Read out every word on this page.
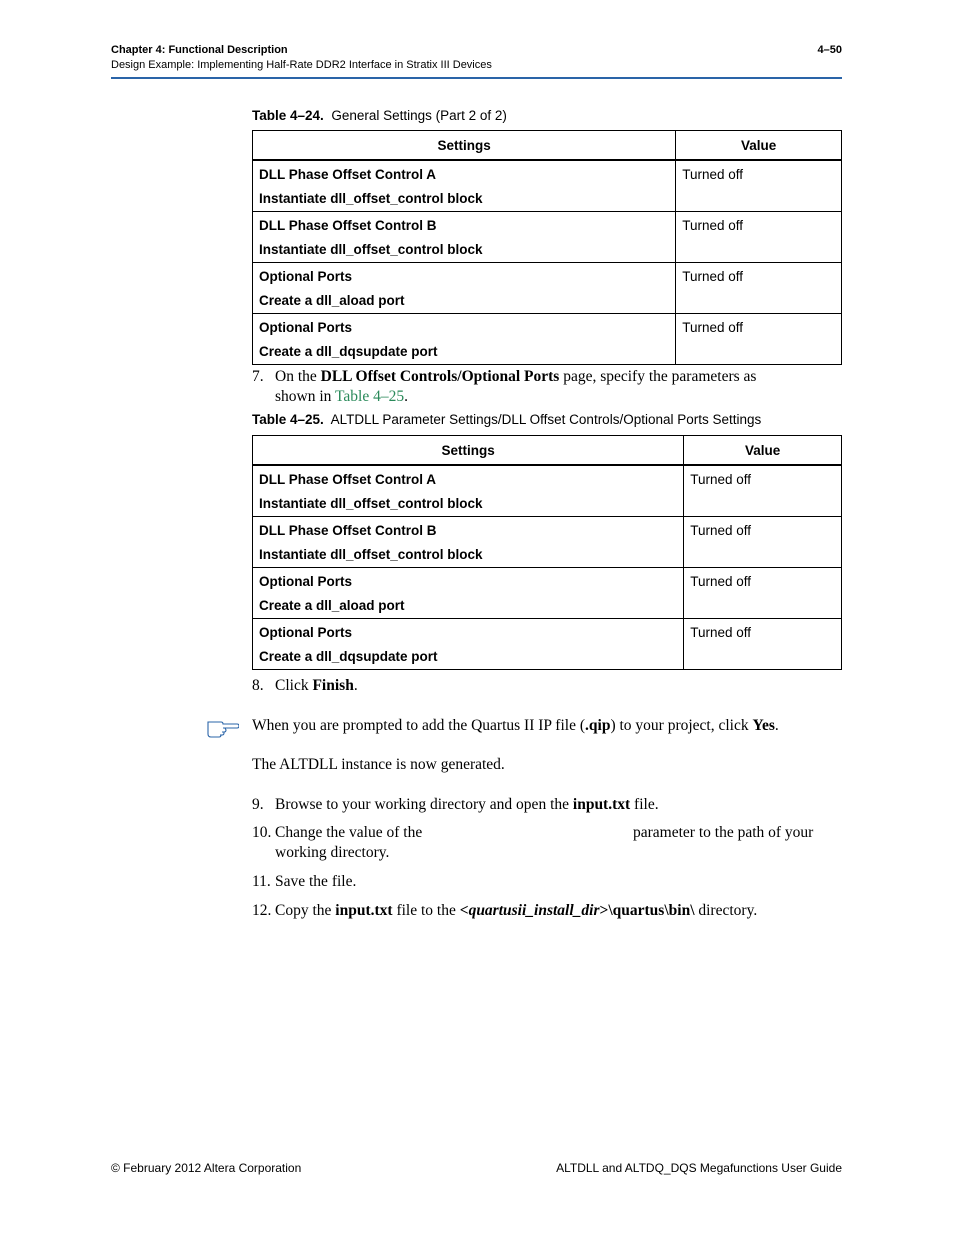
Chapter 4: Functional Description
Design Example: Implementing Half-Rate DDR2 Interface in Stratix III Devices
4–50
Table 4–24. General Settings (Part 2 of 2)
Settings	Value

DLL Phase Offset Control A
Instantiate dll_offset_control block	Turned off

DLL Phase Offset Control B
Instantiate dll_offset_control block	Turned off

Optional Ports
Create a dll_aload port	Turned off

Optional Ports
Create a dll_dqsupdate port	Turned off
7. On the DLL Offset Controls/Optional Ports page, specify the parameters as
shown in Table 4–25.
Table 4–25. ALTDLL Parameter Settings/DLL Offset Controls/Optional Ports Settings
Settings	Value

DLL Phase Offset Control A
Instantiate dll_offset_control block	Turned off

DLL Phase Offset Control B
Instantiate dll_offset_control block	Turned off

Optional Ports
Create a dll_aload port	Turned off

Optional Ports
Create a dll_dqsupdate port	Turned off
8. Click Finish.
When you are prompted to add the Quartus II IP file (.qip) to your project, click Yes.
The ALTDLL instance is now generated.
9. Browse to your working directory and open the input.txt file.
10. Change the value of the	parameter to the path of your

working directory.
11. Save the file.
12. Copy the input.txt file to the <quartusii_install_dir>\quartus\bin\ directory.
© February 2012 Altera Corporation	ALTDLL and ALTDQ_DQS Megafunctions User Guide
